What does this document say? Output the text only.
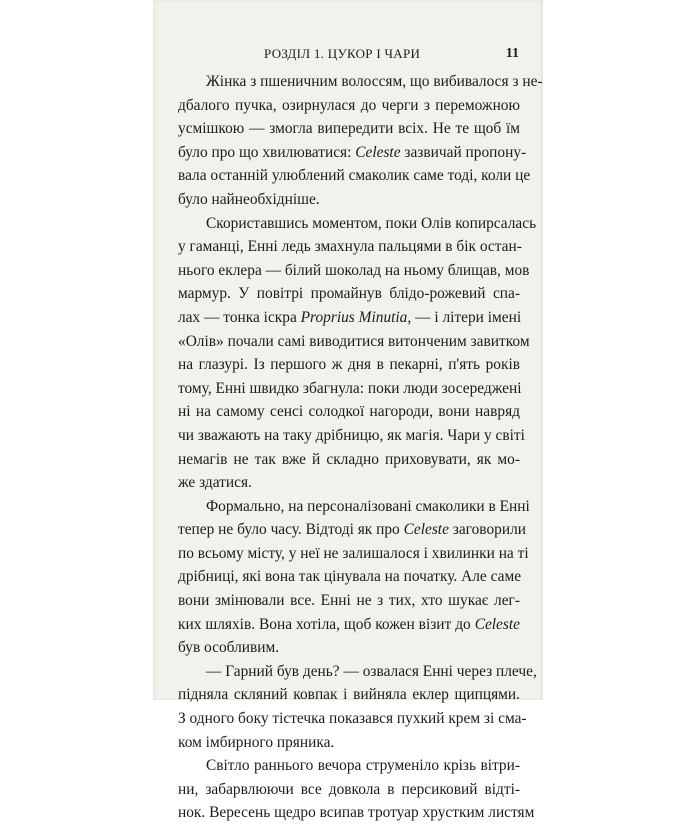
РОЗДІЛ 1. ЦУКОР І ЧАРИ	11
Жінка з пшеничним волоссям, що вибивалося з не-
дбалого пучка, озирнулася до черги з переможною
усмішкою — змогла випередити всіх. Не те щоб їм
було про що хвилюватися: Celeste зазвичай пропону-
вала останній улюблений смаколик саме тоді, коли це
було найнеобхідніше.
Скориставшись моментом, поки Олів копирсалась
у гаманці, Енні ледь змахнула пальцями в бік остан-
нього еклера — білий шоколад на ньому блищав, мов
мармур. У повітрі промайнув блідо-рожевий спа-
лах — тонка іскра Proprius Minutia, — і літери імені
«Олів» почали самі виводитися витонченим завитком
на глазурі. Із першого ж дня в пекарні, п'ять років
тому, Енні швидко збагнула: поки люди зосереджені
ні на самому сенсі солодкої нагороди, вони навряд
чи зважають на таку дрібницю, як магія. Чари у світі
немагів не так вже й складно приховувати, як мо-
же здатися.
Формально, на персоналізовані смаколики в Енні
тепер не було часу. Відтоді як про Celeste заговорили
по всьому місту, у неї не залишалося і хвилинки на ті
дрібниці, які вона так цінувала на початку. Але саме
вони змінювали все. Енні не з тих, хто шукає лег-
ких шляхів. Вона хотіла, щоб кожен візит до Celeste
був особливим.
— Гарний був день? — озвалася Енні через плече,
підняла скляний ковпак і вийняла еклер щипцями.
З одного боку тістечка показався пухкий крем зі сма-
ком імбирного пряника.
Світло раннього вечора струменіло крізь вітри-
ни, забарвлюючи все довкола в персиковий відті-
нок. Вересень щедро всипав тротуар хрустким листям
